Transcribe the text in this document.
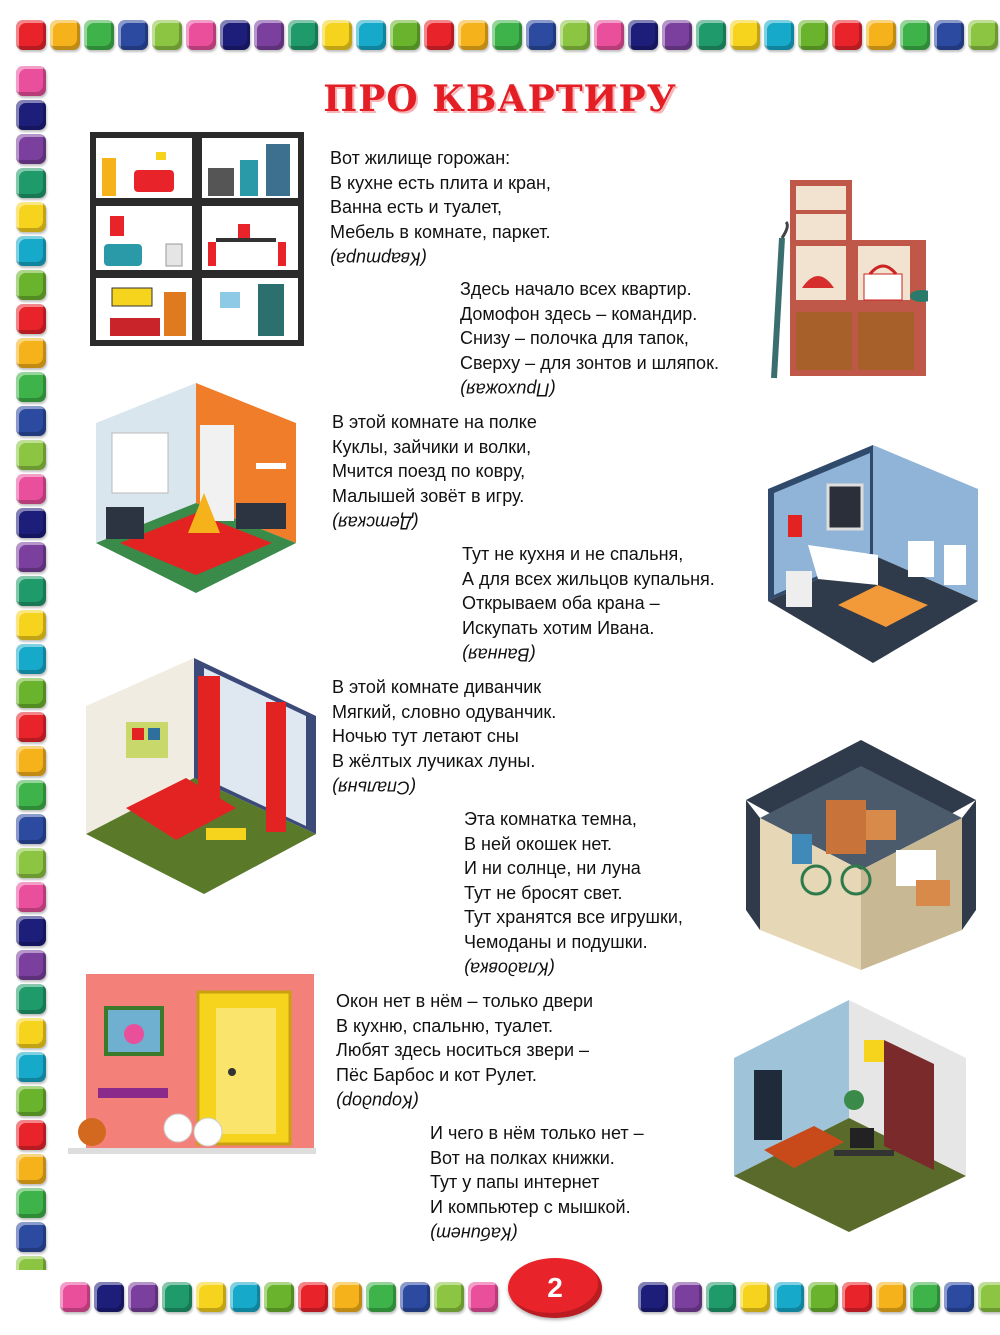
ПРО КВАРТИРУ
Вот жилище горожан:
В кухне есть плита и кран,
Ванна есть и туалет,
Мебель в комнате, паркет.
(Квартира)
Здесь начало всех квартир.
Домофон здесь – командир.
Снизу – полочка для тапок,
Сверху – для зонтов и шляпок.
(Прихожая)
В этой комнате на полке
Куклы, зайчики и волки,
Мчится поезд по ковру,
Малышей зовёт в игру.
(Детская)
Тут не кухня и не спальня,
А для всех жильцов купальня.
Открываем оба крана –
Искупать хотим Ивана.
(Ванная)
В этой комнате диванчик
Мягкий, словно одуванчик.
Ночью тут летают сны
В жёлтых лучиках луны.
(Спальня)
Эта комнатка темна,
В ней окошек нет.
И ни солнце, ни луна
Тут не бросят свет.
Тут хранятся все игрушки,
Чемоданы и подушки.
(Кладовка)
Окон нет в нём – только двери
В кухню, спальню, туалет.
Любят здесь носиться звери –
Пёс Барбос и кот Рулет.
(Коридор)
И чего в нём только нет –
Вот на полках книжки.
Тут у папы интернет
И компьютер с мышкой.
(Кабинет)
2
